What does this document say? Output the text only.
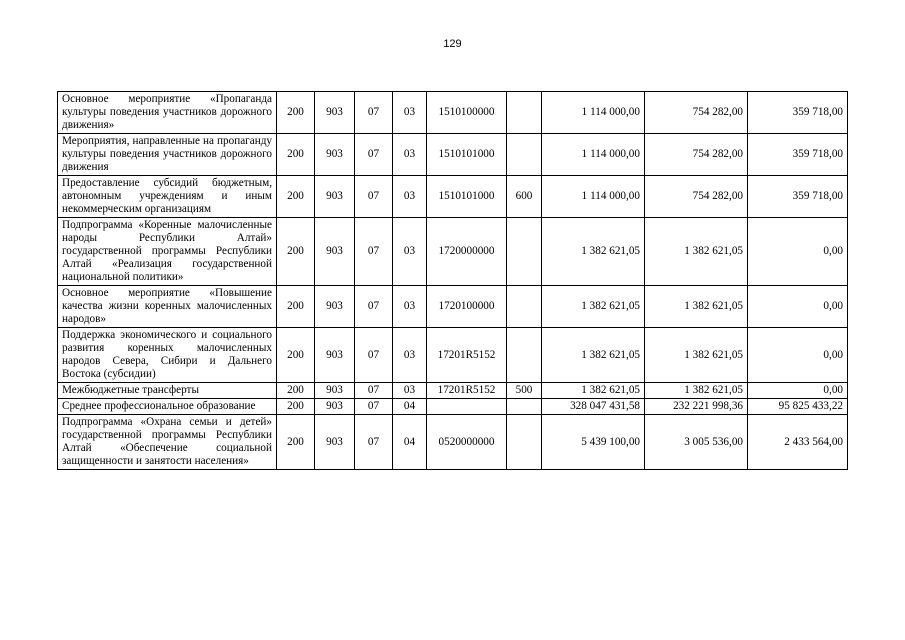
129
Основное мероприятие «Пропаганда культуры поведения участников дорожного движения»	200	903	07	03	1510100000		1 114 000,00	754 282,00	359 718,00
Мероприятия, направленные на пропаганду культуры поведения участников дорожного движения	200	903	07	03	1510101000		1 114 000,00	754 282,00	359 718,00
Предоставление субсидий бюджетным, автономным учреждениям и иным некоммерческим организациям	200	903	07	03	1510101000	600	1 114 000,00	754 282,00	359 718,00
Подпрограмма «Коренные малочисленные народы Республики Алтай» государственной программы Республики Алтай «Реализация государственной национальной политики»	200	903	07	03	1720000000		1 382 621,05	1 382 621,05	0,00
Основное мероприятие «Повышение качества жизни коренных малочисленных народов»	200	903	07	03	1720100000		1 382 621,05	1 382 621,05	0,00
Поддержка экономического и социального развития коренных малочисленных народов Севера, Сибири и Дальнего Востока (субсидии)	200	903	07	03	17201R5152		1 382 621,05	1 382 621,05	0,00
Межбюджетные трансферты	200	903	07	03	17201R5152	500	1 382 621,05	1 382 621,05	0,00
Среднее профессиональное образование	200	903	07	04			328 047 431,58	232 221 998,36	95 825 433,22
Подпрограмма «Охрана семьи и детей» государственной программы Республики Алтай «Обеспечение социальной защищенности и занятости населения»	200	903	07	04	0520000000		5 439 100,00	3 005 536,00	2 433 564,00
